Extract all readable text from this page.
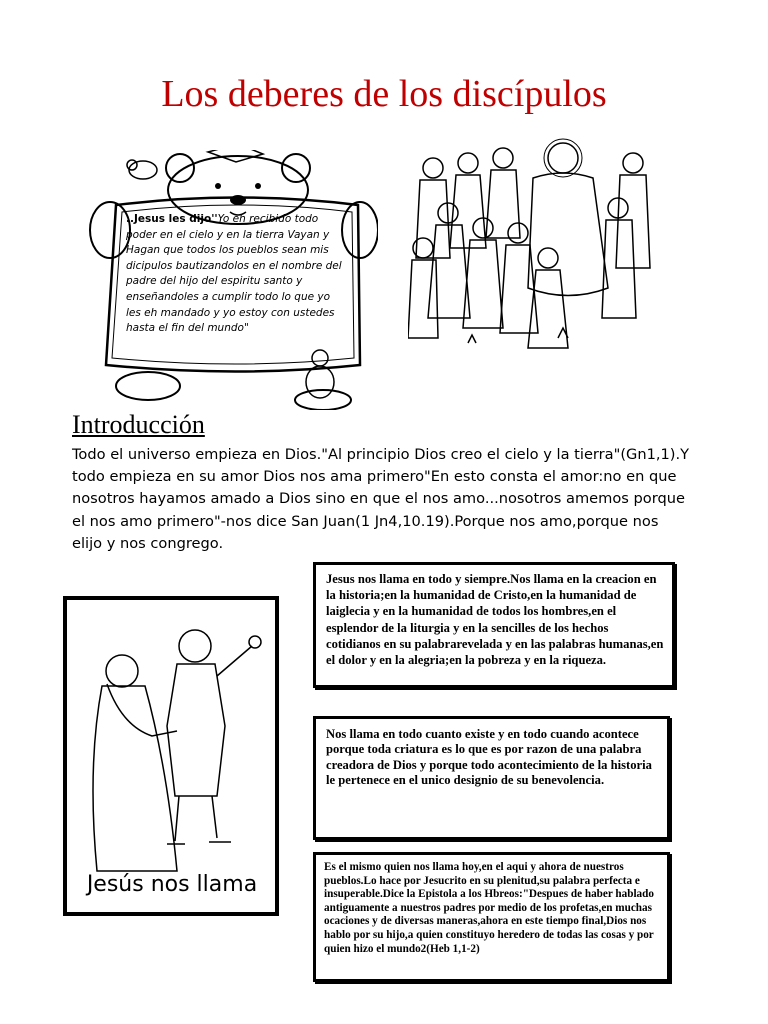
Los deberes de los discípulos
..Jesus les dijo''Yo eh recibido todo poder en el cielo y en la tierra Vayan y Hagan que todos los pueblos sean mis dicipulos bautizandolos en el nombre del padre del hijo del espiritu santo y enseñandoles a cumplir todo lo que yo les eh mandado y yo estoy con ustedes hasta el fin del mundo"
Introducción

Todo el universo empieza en Dios."Al principio Dios creo el cielo y la tierra"(Gn1,1).Y todo empieza en su amor Dios nos ama primero"En esto consta el amor:no en que nosotros hayamos amado a Dios sino en que el nos amo...nosotros amemos porque el nos amo primero"-nos dice San Juan(1 Jn4,10.19).Porque nos amo,porque nos elijo y nos congrego.

Jesús nos llama
Jesus nos llama en todo y siempre.Nos llama en la creacion en la historia;en la humanidad de Cristo,en la humanidad de laiglecia y en la humanidad de todos los hombres,en el esplendor de la liturgia y en la sencilles de los hechos cotidianos en su palabrarevelada y en las palabras humanas,en el dolor y en la alegria;en la pobreza y en la riqueza.
Nos llama en todo cuanto existe y en todo cuando acontece porque toda criatura es lo que es por razon de una palabra creadora de Dios y porque todo acontecimiento de la historia le pertenece en el unico designio de su benevolencia.
Es el mismo quien nos llama hoy,en el aqui y ahora de nuestros pueblos.Lo hace por Jesucrito en su plenitud,su palabra perfecta e insuperable.Dice la Epistola a los Hbreos:"Despues de haber hablado antiguamente a nuestros padres por medio de los profetas,en muchas ocaciones y de diversas maneras,ahora en este tiempo final,Dios nos hablo por su hijo,a quien constituyo heredero de todas las cosas y por quien hizo el mundo2(Heb 1,1-2)
